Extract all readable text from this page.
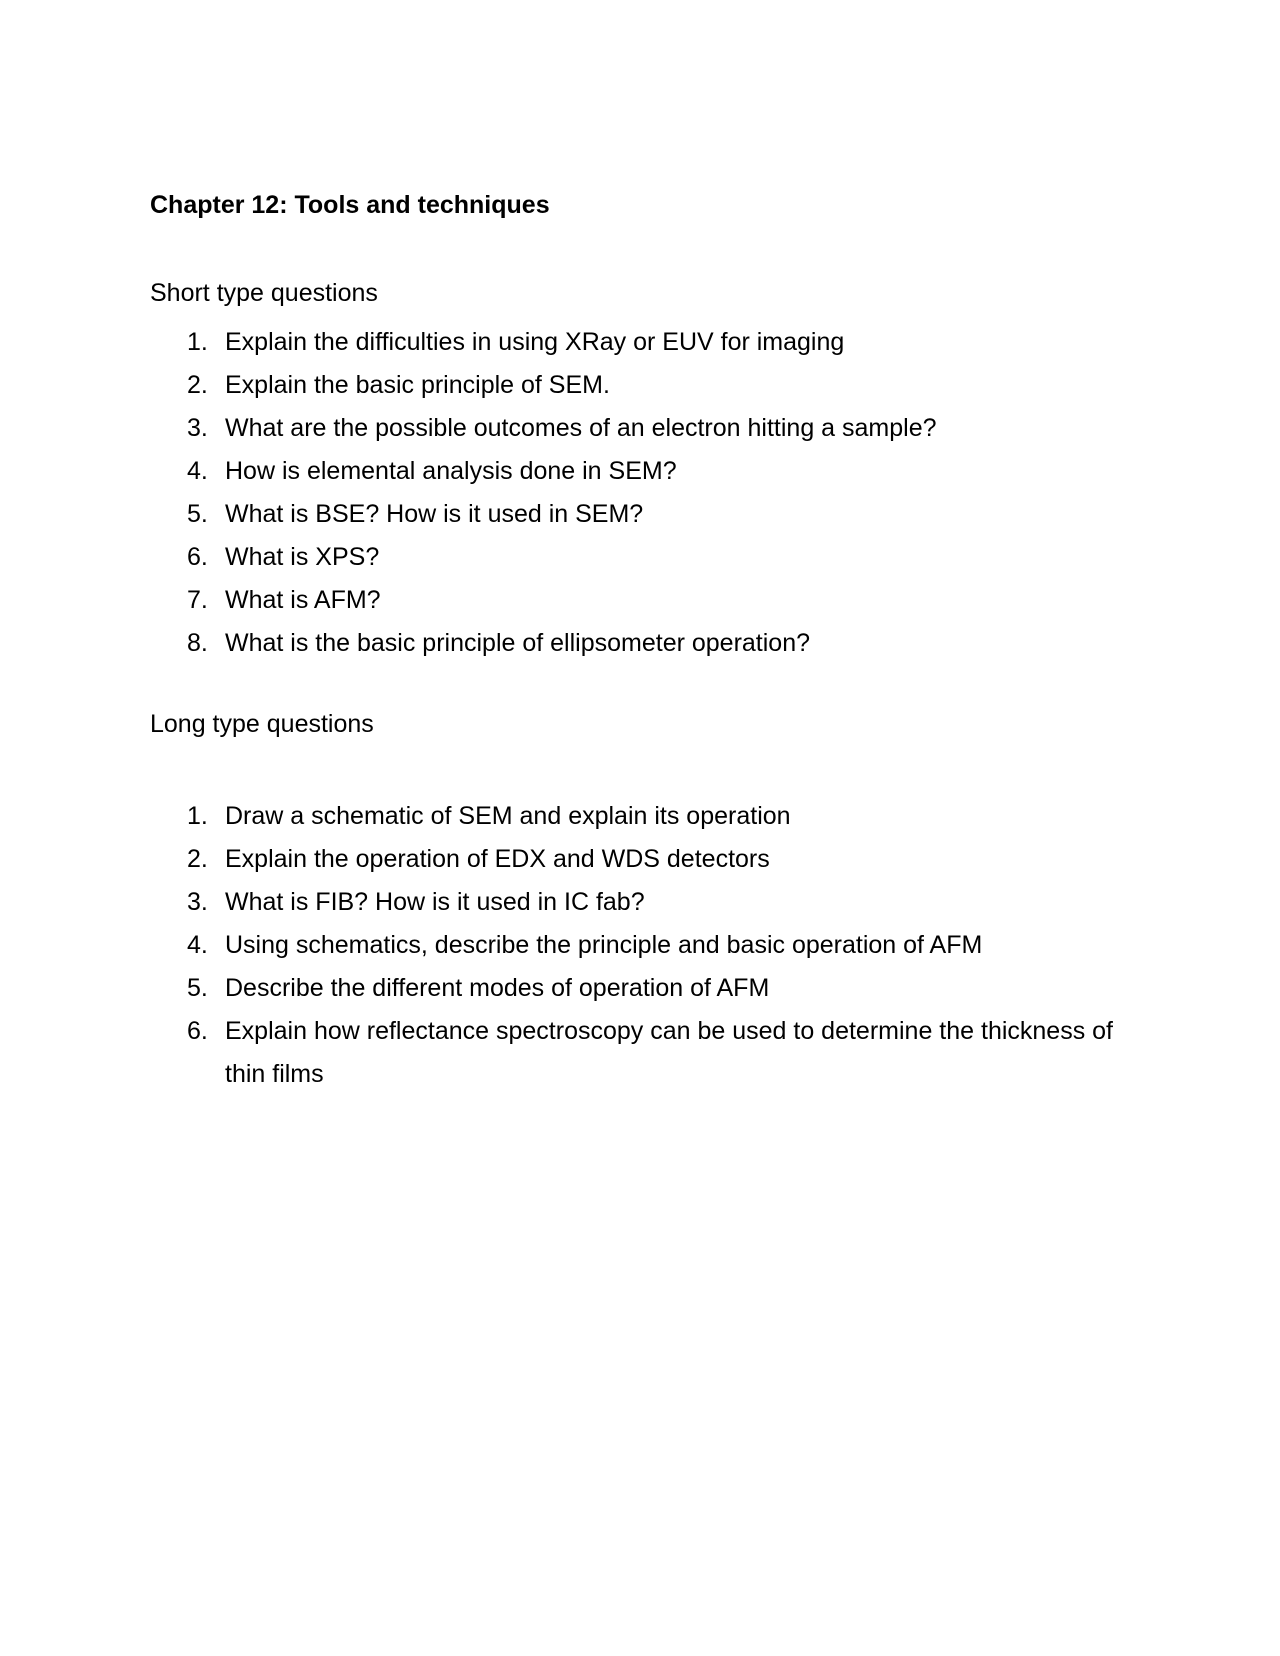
Chapter 12: Tools and techniques

Short type questions

1. Explain the difficulties in using XRay or EUV for imaging
2. Explain the basic principle of SEM.
3. What are the possible outcomes of an electron hitting a sample?
4. How is elemental analysis done in SEM?
5. What is BSE? How is it used in SEM?
6. What is XPS?
7. What is AFM?
8. What is the basic principle of ellipsometer operation?

Long type questions

1. Draw a schematic of SEM and explain its operation
2. Explain the operation of EDX and WDS detectors
3. What is FIB? How is it used in IC fab?
4. Using schematics, describe the principle and basic operation of AFM
5. Describe the different modes of operation of AFM
6. Explain how reflectance spectroscopy can be used to determine the thickness of thin films
